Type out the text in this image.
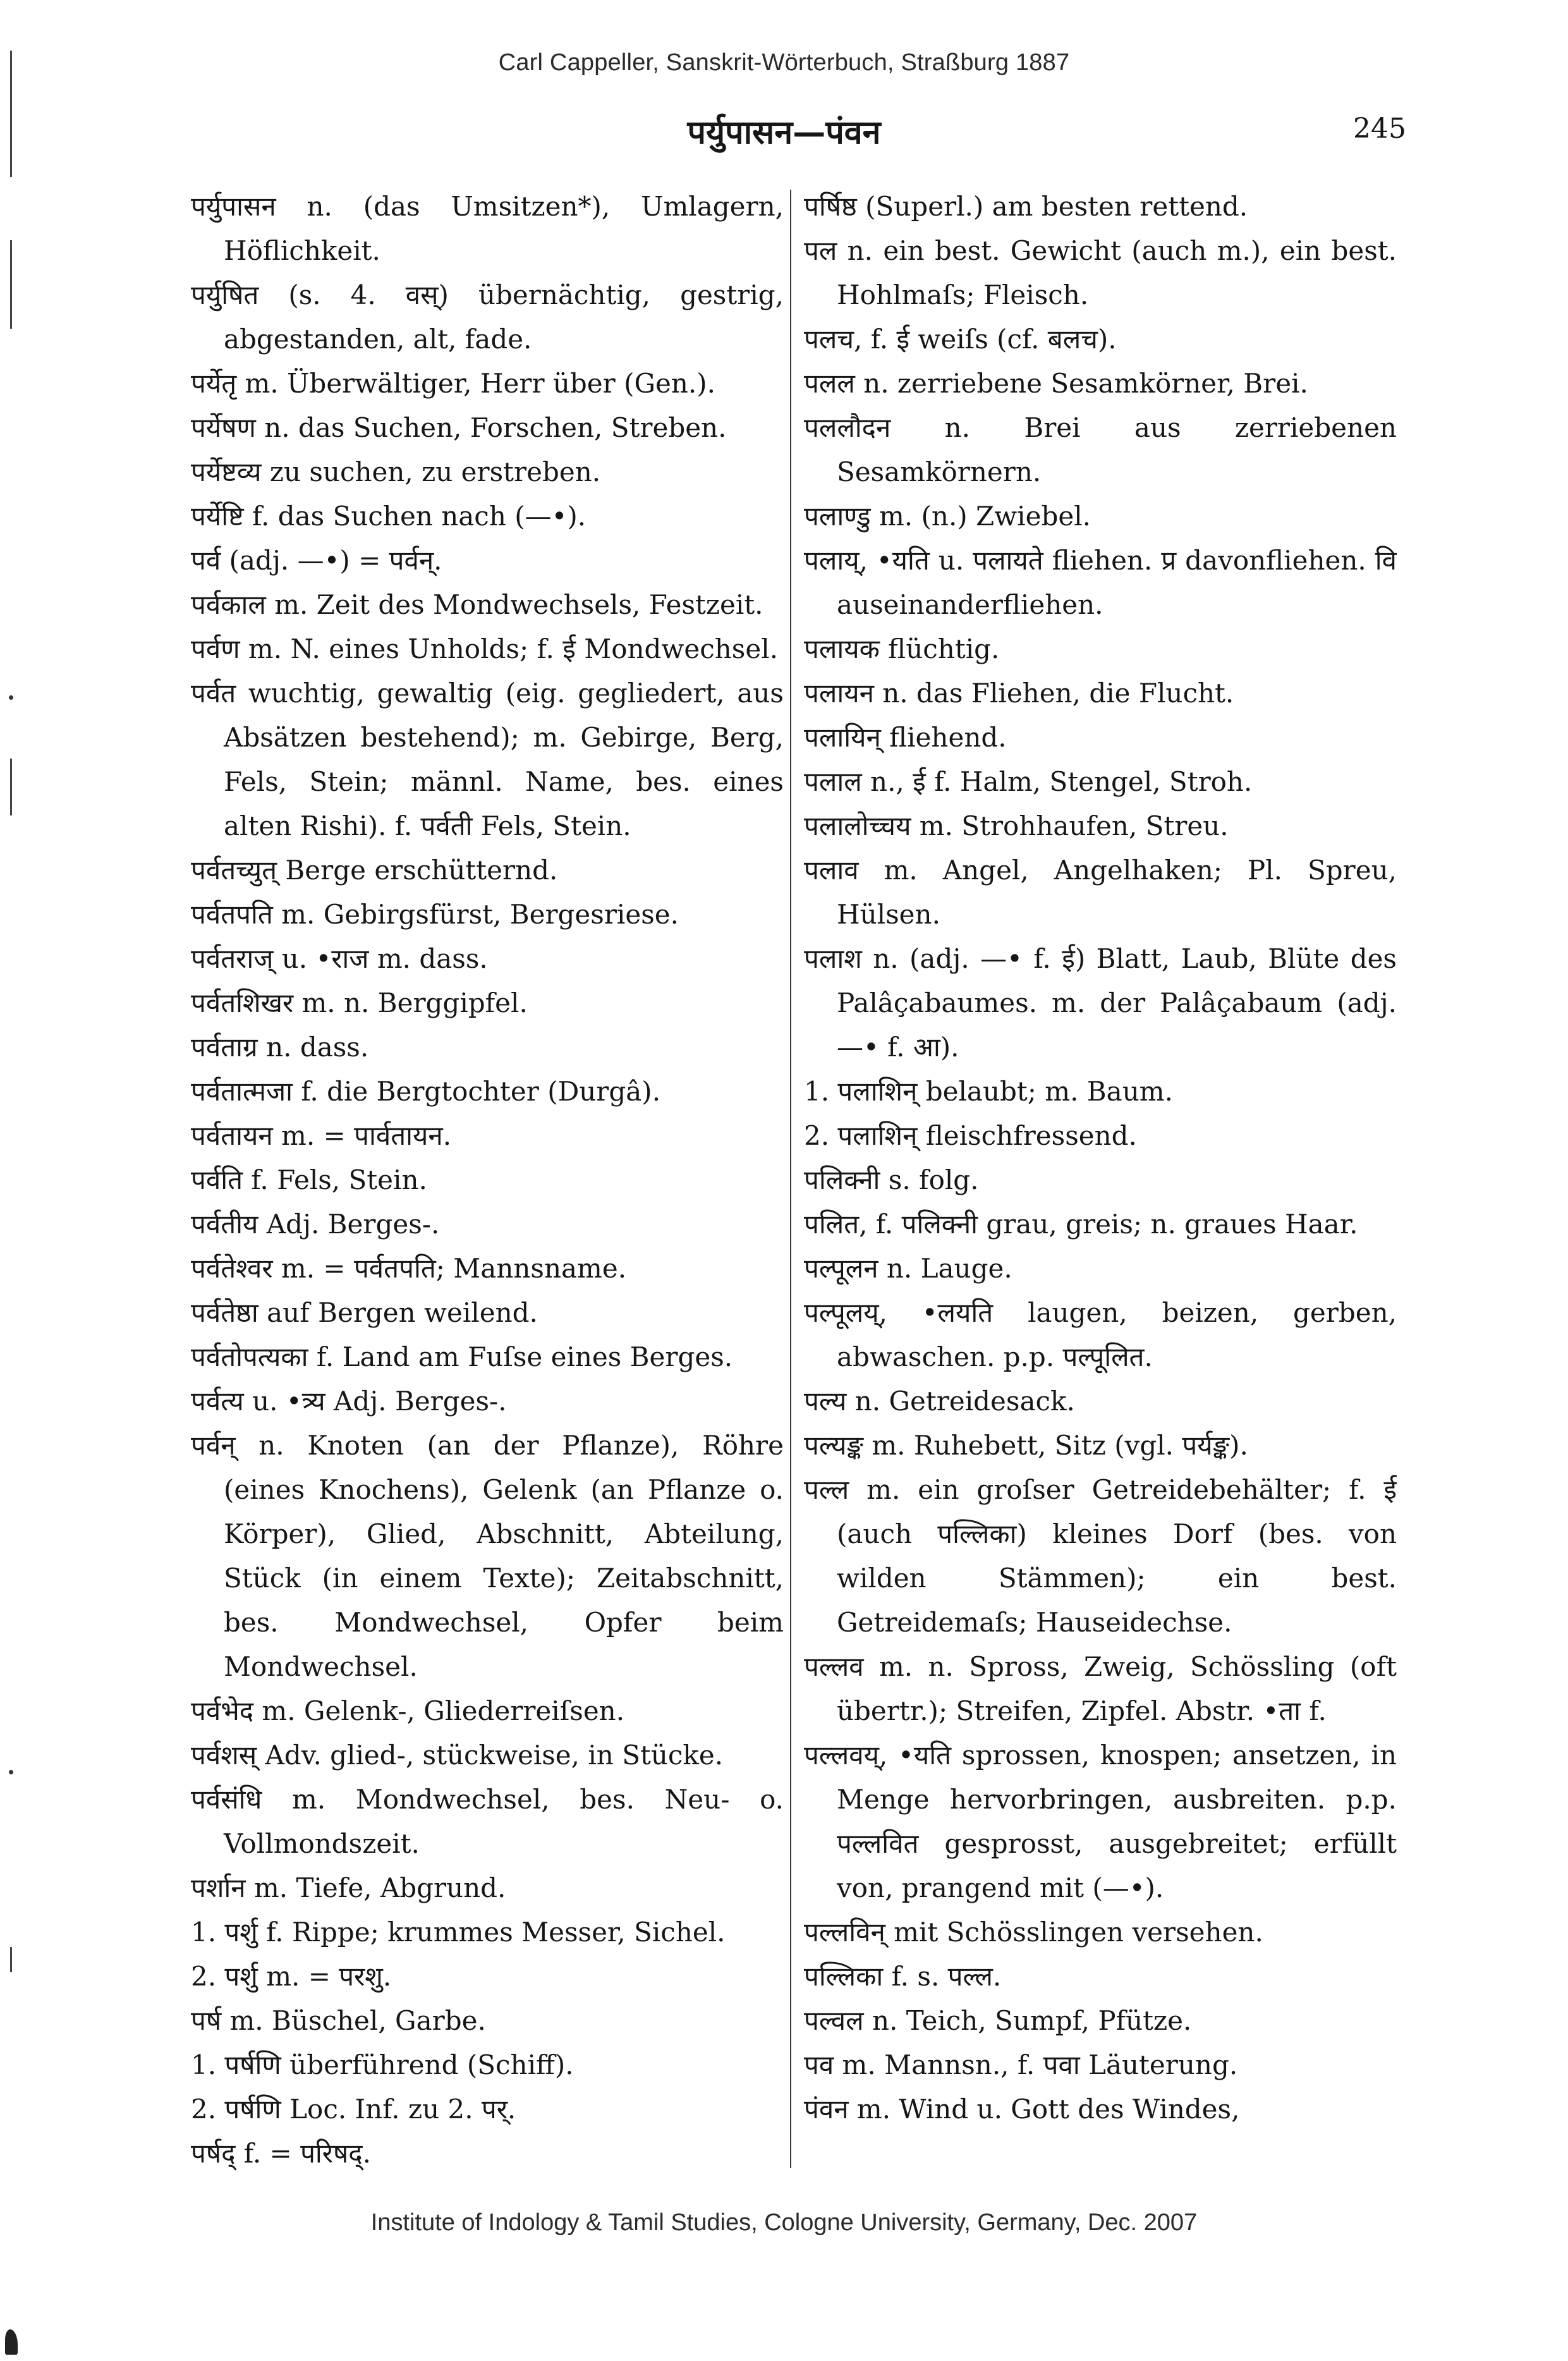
Carl Cappeller, Sanskrit-Wörterbuch, Straßburg 1887
पर्युपासन—पंवन	245

पर्युपासन n. (das Umsitzen*), Umlagern, Höflichkeit.

पर्युषित (s. 4. वस्) übernächtig, gestrig, abgestanden, alt, fade.

पर्येतृ m. Überwältiger, Herr über (Gen.).

पर्येषण n. das Suchen, Forschen, Streben.

पर्येष्टव्य zu suchen, zu erstreben.

पर्येष्टि f. das Suchen nach (—•).

पर्व (adj. —•) = पर्वन्.

पर्वकाल m. Zeit des Mondwechsels, Festzeit.

पर्वण m. N. eines Unholds; f. ई Mondwechsel.

पर्वत wuchtig, gewaltig (eig. gegliedert, aus Absätzen bestehend); m. Gebirge, Berg, Fels, Stein; männl. Name, bes. eines alten Rishi). f. पर्वती Fels, Stein.

पर्वतच्युत् Berge erschütternd.

पर्वतपति m. Gebirgsfürst, Bergesriese.

पर्वतराज् u. •राज m. dass.

पर्वतशिखर m. n. Berggipfel.

पर्वताग्र n. dass.

पर्वतात्मजा f. die Bergtochter (Durgâ).

पर्वतायन m. = पार्वतायन.

पर्वति f. Fels, Stein.

पर्वतीय Adj. Berges-.

पर्वतेश्वर m. = पर्वतपति; Mannsname.

पर्वतेष्ठा auf Bergen weilend.

पर्वतोपत्यका f. Land am Fuſse eines Berges.

पर्वत्य u. •त्र्य Adj. Berges-.

पर्वन् n. Knoten (an der Pflanze), Röhre (eines Knochens), Gelenk (an Pflanze o. Körper), Glied, Abschnitt, Abteilung, Stück (in einem Texte); Zeitabschnitt, bes. Mondwechsel, Opfer beim Mondwechsel.

पर्वभेद m. Gelenk-, Gliederreiſsen.

पर्वशस् Adv. glied-, stückweise, in Stücke.

पर्वसंधि m. Mondwechsel, bes. Neu- o. Vollmondszeit.

पर्शान m. Tiefe, Abgrund.

1. पर्शु f. Rippe; krummes Messer, Sichel.

2. पर्शु m. = परशु.

पर्ष m. Büschel, Garbe.

1. पर्षणि überführend (Schiff).

2. पर्षणि Loc. Inf. zu 2. पर्.

पर्षद् f. = परिषद्.

पर्षिष्ठ (Superl.) am besten rettend.

पल n. ein best. Gewicht (auch m.), ein best. Hohlmaſs; Fleisch.

पलच, f. ई weiſs (cf. बलच).

पलल n. zerriebene Sesamkörner, Brei.

पललौदन n. Brei aus zerriebenen Sesamkörnern.

पलाण्डु m. (n.) Zwiebel.

पलाय्, •यति u. पलायते fliehen. प्र davonfliehen. वि auseinanderfliehen.

पलायक flüchtig.

पलायन n. das Fliehen, die Flucht.

पलायिन् fliehend.

पलाल n., ई f. Halm, Stengel, Stroh.

पलालोच्चय m. Strohhaufen, Streu.

पलाव m. Angel, Angelhaken; Pl. Spreu, Hülsen.

पलाश n. (adj. —• f. ई) Blatt, Laub, Blüte des Palâçabaumes. m. der Palâçabaum (adj. —• f. आ).

1. पलाशिन् belaubt; m. Baum.

2. पलाशिन् fleischfressend.

पलिक्नी s. folg.

पलित, f. पलिक्नी grau, greis; n. graues Haar.

पल्पूलन n. Lauge.

पल्पूलय्, •लयति laugen, beizen, gerben, abwaschen. p.p. पल्पूलित.

पल्य n. Getreidesack.

पल्यङ्क m. Ruhebett, Sitz (vgl. पर्यङ्क).

पल्ल m. ein groſser Getreidebehälter; f. ई (auch पल्लिका) kleines Dorf (bes. von wilden Stämmen); ein best. Getreidemaſs; Hauseidechse.

पल्लव m. n. Spross, Zweig, Schössling (oft übertr.); Streifen, Zipfel. Abstr. •ता f.

पल्लवय्, •यति sprossen, knospen; ansetzen, in Menge hervorbringen, ausbreiten. p.p. पल्लवित gesprosst, ausgebreitet; erfüllt von, prangend mit (—•).

पल्लविन् mit Schösslingen versehen.

पल्लिका f. s. पल्ल.

पल्वल n. Teich, Sumpf, Pfütze.

पव m. Mannsn., f. पवा Läuterung.

पंवन m. Wind u. Gott des Windes,

Institute of Indology & Tamil Studies, Cologne University, Germany, Dec. 2007
